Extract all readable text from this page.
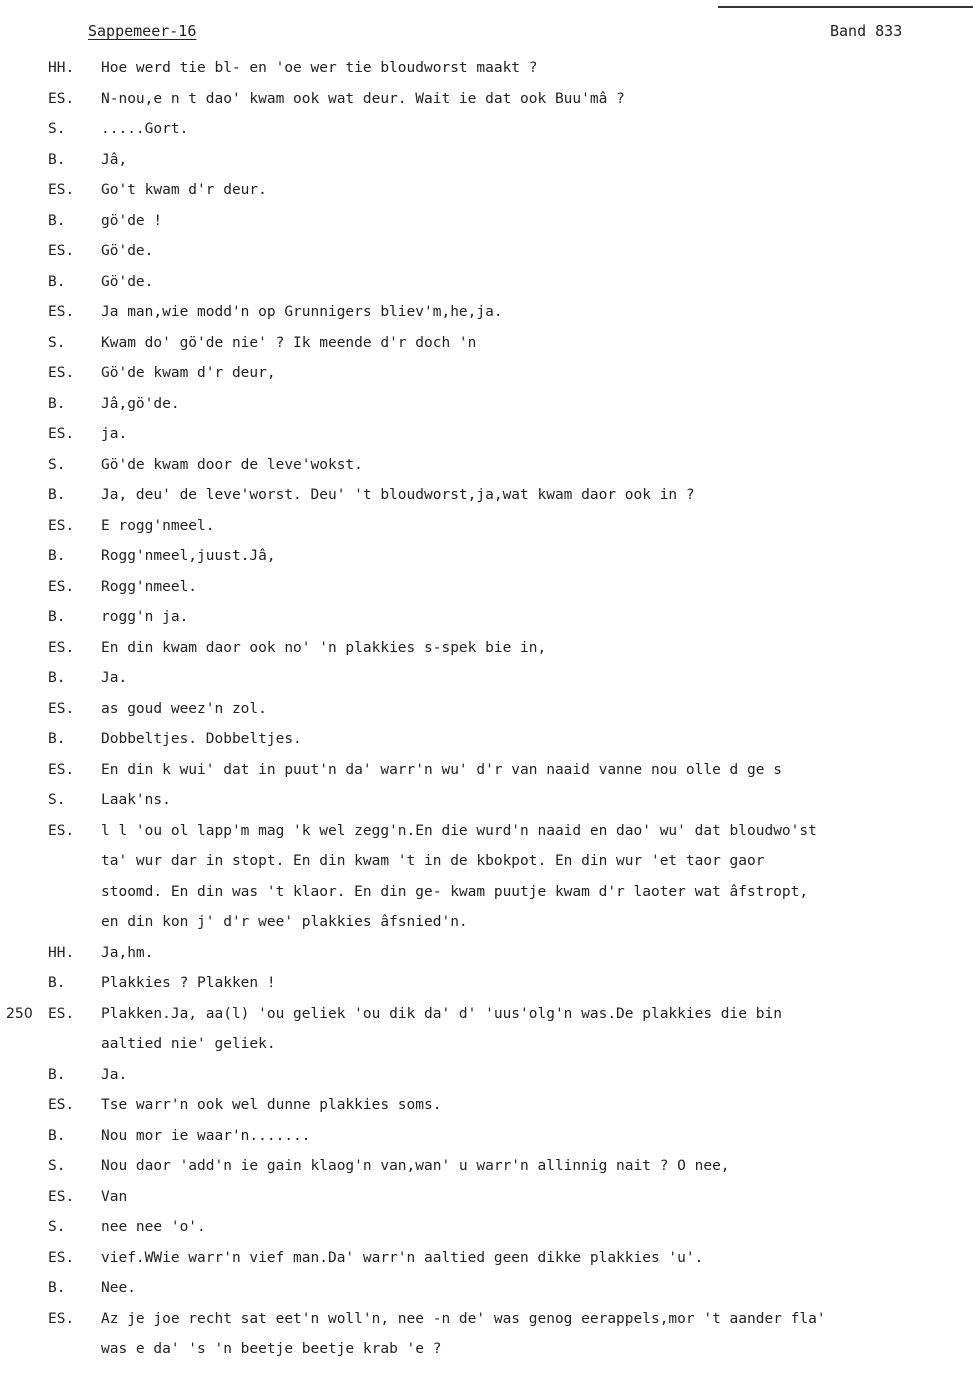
Sappemeer-16	Band 833
HH. Hoe werd tie bl- en 'oe wer tie bloudworst maakt ?
ES. N-nou,e n t dao' kwam ook wat deur. Wait ie dat ook Buu'mâ ?
S. .....Gort.
B. Jâ,
ES. Go't kwam d'r deur.
B. gö'de !
ES. Gö'de.
B. Gö'de.
ES. Ja man,wie modd'n op Grunnigers bliev'm,he,ja.
S. Kwam do' gö'de nie' ? Ik meende d'r doch 'n
ES. Gö'de kwam d'r deur,
B. Jâ,gö'de.
ES. ja.
S. Gö'de kwam door de leve'wokst.
B. Ja, deu' de leve'worst. Deu' 't bloudworst,ja,wat kwam daor ook in ?
ES. E rogg'nmeel.
B. Rogg'nmeel,juust.Jâ,
ES. Rogg'nmeel.
B. rogg'n ja.
ES. En din kwam daor ook no' 'n plakkies s-spek bie in,
B. Ja.
ES. as goud weez'n zol.
B. Dobbeltjes. Dobbeltjes.
ES. En din k wui' dat in puut'n da' warr'n wu' d'r van naaid vanne nou olle d ge s
S. Laak'ns.
ES. l l 'ou ol lapp'm mag 'k wel zegg'n.En die wurd'n naaid en dao' wu' dat bloudwo'st
ta' wur dar in stopt. En din kwam 't in de kbokpot. En din wur 'et taor gaor
stoomd. En din was 't klaor. En din ge- kwam puutje kwam d'r laoter wat âfstropt,
en din kon j' d'r wee' plakkies âfsnied'n.
HH. Ja,hm.
B. Plakkies ? Plakken !
250 ES. Plakken.Ja, aa(l) 'ou geliek 'ou dik da' d' 'uus'olg'n was.De plakkies die bin
aaltied nie' geliek.
B. Ja.
ES. Tse warr'n ook wel dunne plakkies soms.
B. Nou mor ie waar'n.......
S. Nou daor 'add'n ie gain klaog'n van,wan' u warr'n allinnig nait ? O nee,
ES. Van
S. nee nee 'o'.
ES. vief.WWie warr'n vief man.Da' warr'n aaltied geen dikke plakkies 'u'.
B. Nee.
ES. Az je joe recht sat eet'n woll'n, nee -n de' was genog eerappels,mor 't aander fla'
was e da' 's 'n beetje beetje krab 'e ?
